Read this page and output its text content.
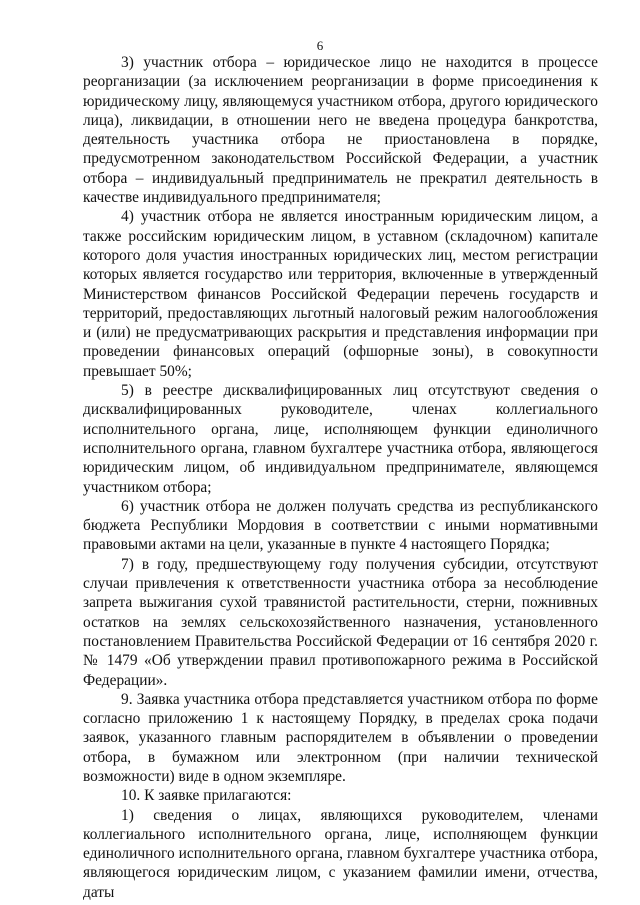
6

3) участник отбора – юридическое лицо не находится в процессе реорганизации (за исключением реорганизации в форме присоединения к юридическому лицу, являющемуся участником отбора, другого юридического лица), ликвидации, в отношении него не введена процедура банкротства, деятельность участника отбора не приостановлена в порядке, предусмотренном законодательством Российской Федерации, а участник отбора – индивидуальный предприниматель не прекратил деятельность в качестве индивидуального предпринимателя;

4) участник отбора не является иностранным юридическим лицом, а также российским юридическим лицом, в уставном (складочном) капитале которого доля участия иностранных юридических лиц, местом регистрации которых является государство или территория, включенные в утвержденный Министерством финансов Российской Федерации перечень государств и территорий, предоставляющих льготный налоговый режим налогообложения и (или) не предусматривающих раскрытия и представления информации при проведении финансовых операций (офшорные зоны), в совокупности превышает 50%;

5) в реестре дисквалифицированных лиц отсутствуют сведения о дисквалифицированных руководителе, членах коллегиального исполнительного органа, лице, исполняющем функции единоличного исполнительного органа, главном бухгалтере участника отбора, являющегося юридическим лицом, об индивидуальном предпринимателе, являющемся участником отбора;

6) участник отбора не должен получать средства из республиканского бюджета Республики Мордовия в соответствии с иными нормативными правовыми актами на цели, указанные в пункте 4 настоящего Порядка;

7) в году, предшествующему году получения субсидии, отсутствуют случаи привлечения к ответственности участника отбора за несоблюдение запрета выжигания сухой травянистой растительности, стерни, пожнивных остатков на землях сельскохозяйственного назначения, установленного постановлением Правительства Российской Федерации от 16 сентября 2020 г. № 1479 «Об утверждении правил противопожарного режима в Российской Федерации».

9. Заявка участника отбора представляется участником отбора по форме согласно приложению 1 к настоящему Порядку, в пределах срока подачи заявок, указанного главным распорядителем в объявлении о проведении отбора, в бумажном или электронном (при наличии технической возможности) виде в одном экземпляре.

10. К заявке прилагаются:

1) сведения о лицах, являющихся руководителем, членами коллегиального исполнительного органа, лице, исполняющем функции единоличного исполнительного органа, главном бухгалтере участника отбора, являющегося юридическим лицом, с указанием фамилии имени, отчества, даты
